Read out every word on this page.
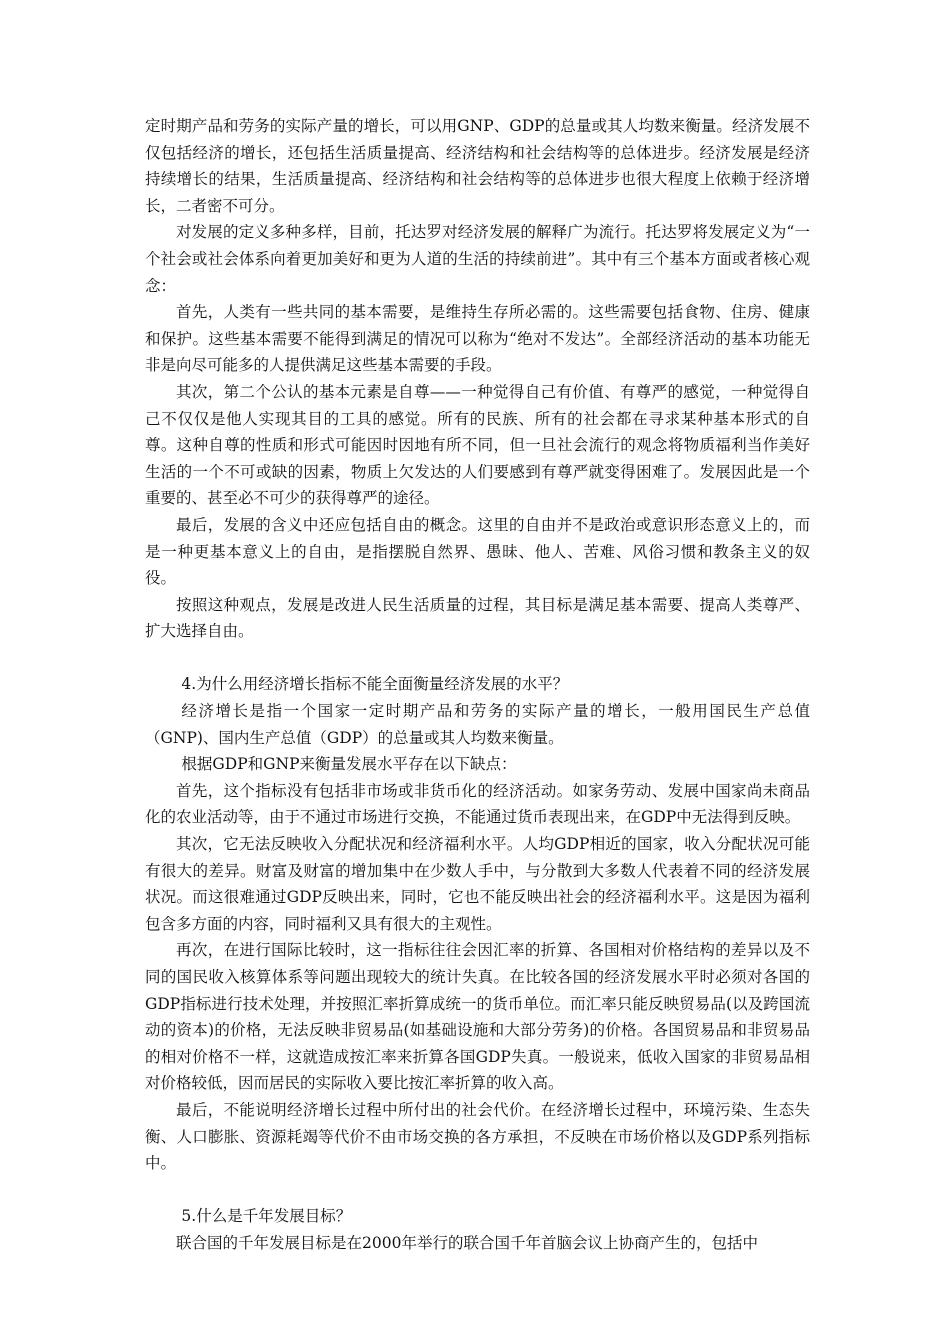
定时期产品和劳务的实际产量的增长，可以用GNP、GDP的总量或其人均数来衡量。经济发展不仅包括经济的增长，还包括生活质量提高、经济结构和社会结构等的总体进步。经济发展是经济持续增长的结果，生活质量提高、经济结构和社会结构等的总体进步也很大程度上依赖于经济增长，二者密不可分。

对发展的定义多种多样，目前，托达罗对经济发展的解释广为流行。托达罗将发展定义为“一个社会或社会体系向着更加美好和更为人道的生活的持续前进”。其中有三个基本方面或者核心观念：

首先，人类有一些共同的基本需要，是维持生存所必需的。这些需要包括食物、住房、健康和保护。这些基本需要不能得到满足的情况可以称为“绝对不发达”。全部经济活动的基本功能无非是向尽可能多的人提供满足这些基本需要的手段。

其次，第二个公认的基本元素是自尊——一种觉得自己有价值、有尊严的感觉，一种觉得自己不仅仅是他人实现其目的工具的感觉。所有的民族、所有的社会都在寻求某种基本形式的自尊。这种自尊的性质和形式可能因时因地有所不同，但一旦社会流行的观念将物质福利当作美好生活的一个不可或缺的因素，物质上欠发达的人们要感到有尊严就变得困难了。发展因此是一个重要的、甚至必不可少的获得尊严的途径。

最后，发展的含义中还应包括自由的概念。这里的自由并不是政治或意识形态意义上的，而是一种更基本意义上的自由，是指摆脱自然界、愚昧、他人、苦难、风俗习惯和教条主义的奴役。

按照这种观点，发展是改进人民生活质量的过程，其目标是满足基本需要、提高人类尊严、扩大选择自由。

4.为什么用经济增长指标不能全面衡量经济发展的水平？

经济增长是指一个国家一定时期产品和劳务的实际产量的增长，一般用国民生产总值（GNP)、国内生产总值（GDP）的总量或其人均数来衡量。

根据GDP和GNP来衡量发展水平存在以下缺点：

首先，这个指标没有包括非市场或非货币化的经济活动。如家务劳动、发展中国家尚未商品化的农业活动等，由于不通过市场进行交换，不能通过货币表现出来，在GDP中无法得到反映。

其次，它无法反映收入分配状况和经济福利水平。人均GDP相近的国家，收入分配状况可能有很大的差异。财富及财富的增加集中在少数人手中，与分散到大多数人代表着不同的经济发展状况。而这很难通过GDP反映出来，同时，它也不能反映出社会的经济福利水平。这是因为福利包含多方面的内容，同时福利又具有很大的主观性。

再次，在进行国际比较时，这一指标往往会因汇率的折算、各国相对价格结构的差异以及不同的国民收入核算体系等问题出现较大的统计失真。在比较各国的经济发展水平时必须对各国的GDP指标进行技术处理，并按照汇率折算成统一的货币单位。而汇率只能反映贸易品(以及跨国流动的资本)的价格，无法反映非贸易品(如基础设施和大部分劳务)的价格。各国贸易品和非贸易品的相对价格不一样，这就造成按汇率来折算各国GDP失真。一般说来，低收入国家的非贸易品相对价格较低，因而居民的实际收入要比按汇率折算的收入高。

最后，不能说明经济增长过程中所付出的社会代价。在经济增长过程中，环境污染、生态失衡、人口膨胀、资源耗竭等代价不由市场交换的各方承担，不反映在市场价格以及GDP系列指标中。

5.什么是千年发展目标？

联合国的千年发展目标是在2000年举行的联合国千年首脑会议上协商产生的，包括中
